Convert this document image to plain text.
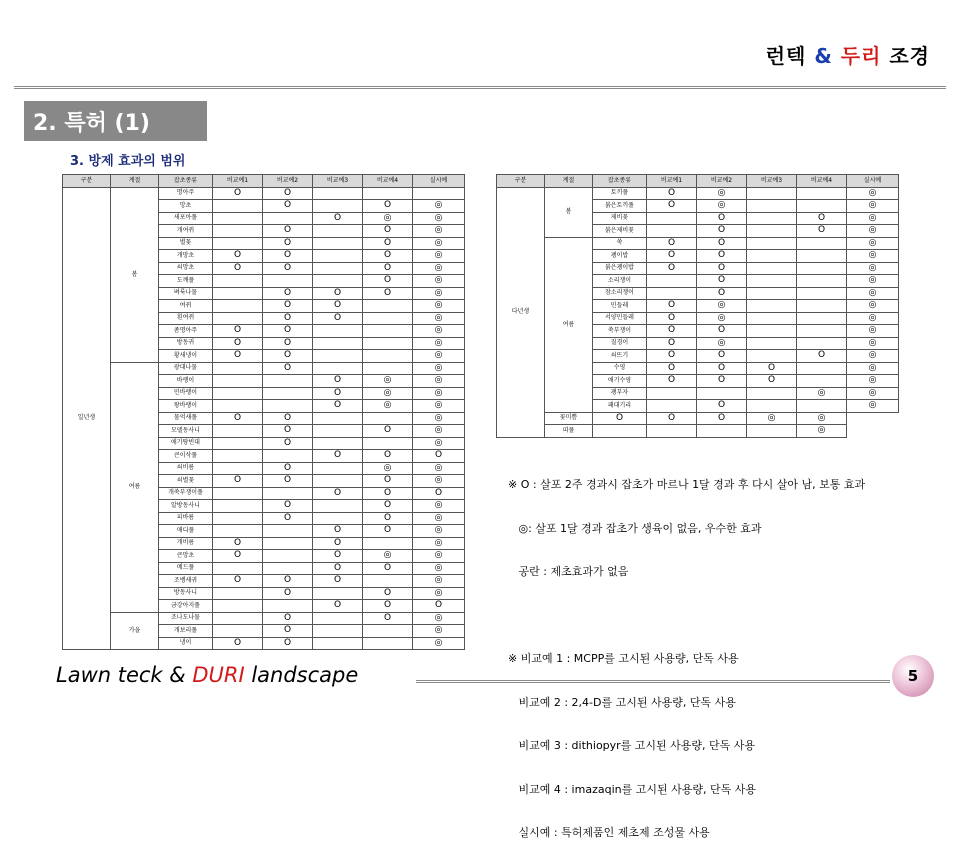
런텍 & 두리 조경
2. 특허 (1)
3. 방제 효과의 범위
구분	계절	잡초종류	비교예1	비교예2	비교예3	비교예4	실시예
일년생	봄	명아주	O	O			
		망초		O		O	◎
		새포아풀			O	◎	◎
		개여뀌		O		O	◎
		별꽃		O		O	◎
		개망초	O	O		O	◎
		쇠망초	O	O		O	◎
		도깨풀				O	◎
		벼룩나물		O	O	O	◎
		여뀌		O	O		◎
		흰여뀌		O	O		◎
		좀명아주	O	O			◎
		방동귀	O	O			◎
		황새냉이	O	O			◎
	여름	광대나물		O			◎
		바랭이			O	◎	◎
		민바랭이			O	◎	◎
		왕바랭이			O	◎	◎
		물억새풀	O	O			◎
		모델동사니		O		O	◎
		애기땅빈대		O			◎
		큰이삭풀			O	O	O
		쇠비름		O		◎	◎
		쇠별꽃	O	O		O	◎
		개쑥부쟁이풀			O	O	O
		알방동사니		O		O	◎
		피바름		O		O	◎
		매디풀			O	O	◎
		개비름	O		O		◎
		큰망초	O		O	◎	◎
		메드풀			O	O	◎
		조뱅새귀	O	O	O		◎
		방동사니		O		O	◎
		금강아지풀			O	O	O
	가을	조나도나물		O		O	◎
		개보리풀		O			◎
		냉이	O	O			◎
구분	계절	잡초종류	비교예1	비교예2	비교예3	비교예4	실시예
다년생	봄	토끼풀	O	◎			◎
		붉은토끼풀	O	◎			◎
		제비꽃		O		O	◎
		붉은제비꽃		O		O	◎
	여름	쑥	O	O			◎
		괭이밥	O	O			◎
		붉은괭이밥	O	O			◎
		소리쟁이		O			◎
		참소리쟁이		O			◎
		민들레	O	◎			◎
		서양민들레	O	◎			◎
		쑥부쟁이	O	O			◎
		질경이	O	◎			◎
		쇠뜨기	O	O		O	◎
		수영	O	O	O		◎
		애기수영	O	O	O		◎
		괭부자				◎	◎
		패대기리		O			◎
	꽃미쁨	O	O	O	◎	◎	
	띠풀					◎	

※ O : 살포 2주 경과시 잡초가 마르나 1달 경과 후 다시 살아 남, 보통 효과

◎: 살포 1달 경과 잡초가 생육이 없음, 우수한 효과

공란 : 제초효과가 없음

※ 비교예 1 : MCPP를 고시된 사용량, 단독 사용

비교예 2 : 2,4-D를 고시된 사용량, 단독 사용

비교예 3 : dithiopyr를 고시된 사용량, 단독 사용

비교예 4 : imazaqin를 고시된 사용량, 단독 사용

실시예 : 특허제품인 제초제 조성물 사용

Lawn teck & DURI landscape	5
